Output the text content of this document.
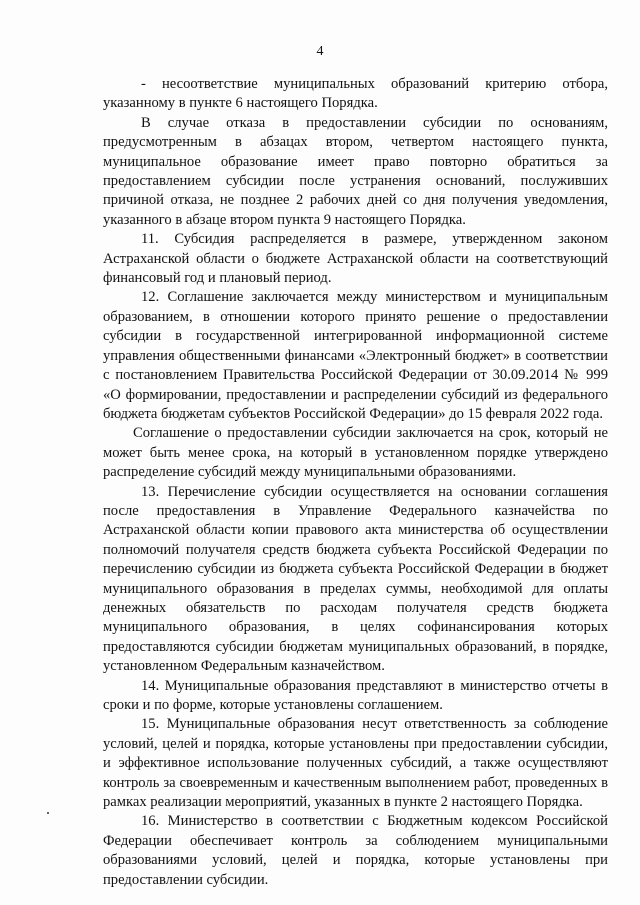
4

- несоответствие муниципальных образований критерию отбора, указанному в пункте 6 настоящего Порядка.

В случае отказа в предоставлении субсидии по основаниям, предусмотренным в абзацах втором, четвертом настоящего пункта, муниципальное образование имеет право повторно обратиться за предоставлением субсидии после устранения оснований, послуживших причиной отказа, не позднее 2 рабочих дней со дня получения уведомления, указанного в абзаце втором пункта 9 настоящего Порядка.

11. Субсидия распределяется в размере, утвержденном законом Астраханской области о бюджете Астраханской области на соответствующий финансовый год и плановый период.

12. Соглашение заключается между министерством и муниципальным образованием, в отношении которого принято решение о предоставлении субсидии в государственной интегрированной информационной системе управления общественными финансами «Электронный бюджет» в соответствии с постановлением Правительства Российской Федерации от 30.09.2014 № 999 «О формировании, предоставлении и распределении субсидий из федерального бюджета бюджетам субъектов Российской Федерации» до 15 февраля 2022 года.

Соглашение о предоставлении субсидии заключается на срок, который не может быть менее срока, на который в установленном порядке утверждено распределение субсидий между муниципальными образованиями.

13. Перечисление субсидии осуществляется на основании соглашения после предоставления в Управление Федерального казначейства по Астраханской области копии правового акта министерства об осуществлении полномочий получателя средств бюджета субъекта Российской Федерации по перечислению субсидии из бюджета субъекта Российской Федерации в бюджет муниципального образования в пределах суммы, необходимой для оплаты денежных обязательств по расходам получателя средств бюджета муниципального образования, в целях софинансирования которых предоставляются субсидии бюджетам муниципальных образований, в порядке, установленном Федеральным казначейством.

14. Муниципальные образования представляют в министерство отчеты в сроки и по форме, которые установлены соглашением.

15. Муниципальные образования несут ответственность за соблюдение условий, целей и порядка, которые установлены при предоставлении субсидии, и эффективное использование полученных субсидий, а также осуществляют контроль за своевременным и качественным выполнением работ, проведенных в рамках реализации мероприятий, указанных в пункте 2 настоящего Порядка.

16. Министерство в соответствии с Бюджетным кодексом Российской Федерации обеспечивает контроль за соблюдением муниципальными образованиями условий, целей и порядка, которые установлены при предоставлении субсидии.
